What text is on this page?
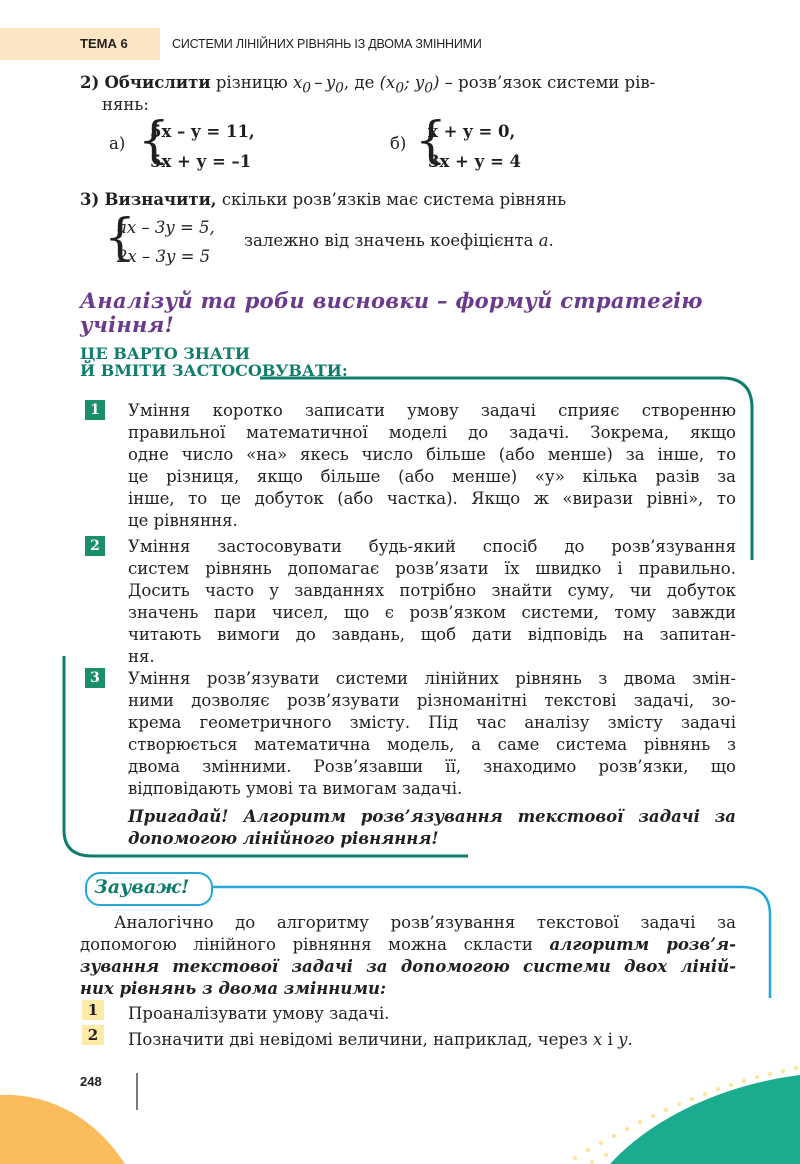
ТЕМА 6	СИСТЕМИ ЛІНІЙНИХ РІВНЯНЬ ІЗ ДВОМА ЗМІННИМИ
2) Обчислити різницю $x_0 - y_0$, де ($x_0$; $y_0$) – розв’язок системи рів-
нянь:
а) {
5x – y = 11,
5x + y = –1
б) {
x + y = 0,
3x + y = 4
3) Визначити, скільки розв’язків має система рівнянь
{
ax – 3y = 5,
2x – 3y = 5
залежно від значень коефіцієнта a.
Аналізуй та роби висновки – формуй стратегію
учіння!
ЦЕ ВАРТО ЗНАТИ
Й ВМІТИ ЗАСТОСОВУВАТИ:
1	Уміння коротко записати умову задачі сприяє створенню
правильної математичної моделі до задачі. Зокрема, якщо
одне число «на» якесь число більше (або менше) за інше, то
це різниця, якщо більше (або менше) «у» кілька разів за
інше, то це добуток (або частка). Якщо ж «вирази рівні», то
це рівняння.
2	Уміння застосовувати будь-який спосіб до розв’язування
систем рівнянь допомагає розв’язати їх швидко і правильно.
Досить часто у завданнях потрібно знайти суму, чи добуток
значень пари чисел, що є розв’язком системи, тому завжди
читають вимоги до завдань, щоб дати відповідь на запитан-
ня.
3	Уміння розв’язувати системи лінійних рівнянь з двома змін-
ними дозволяє розв’язувати різноманітні текстові задачі, зо-
крема геометричного змісту. Під час аналізу змісту задачі
створюється математична модель, а саме система рівнянь з
двома змінними. Розв’язавши її, знаходимо розв’язки, що
відповідають умові та вимогам задачі.
Пригадай! Алгоритм розв’язування текстової задачі за
допомогою лінійного рівняння!
Зауваж!
Аналогічно до алгоритму розв’язування текстової задачі за
допомогою лінійного рівняння можна скласти алгоритм розв’я-
зування текстової задачі за допомогою системи двох ліній-
них рівнянь з двома змінними:
1	Проаналізувати умову задачі.
2	Позначити дві невідомі величини, наприклад, через x і y.
248
